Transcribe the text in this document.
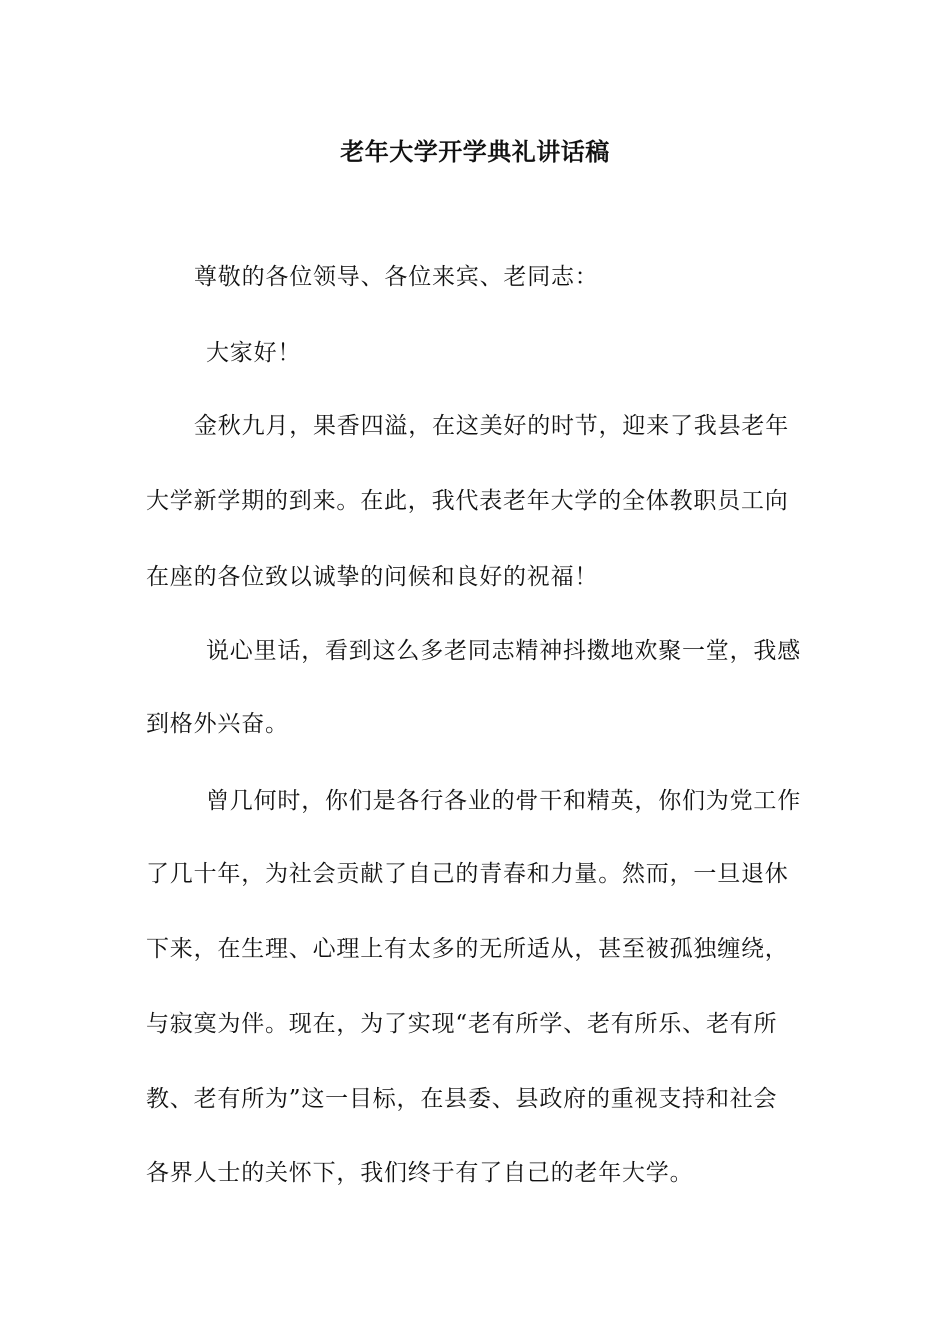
老年大学开学典礼讲话稿
尊敬的各位领导、各位来宾、老同志：
大家好！
金秋九月，果香四溢，在这美好的时节，迎来了我县老年
大学新学期的到来。在此，我代表老年大学的全体教职员工向
在座的各位致以诚挚的问候和良好的祝福！
说心里话，看到这么多老同志精神抖擞地欢聚一堂，我感
到格外兴奋。
曾几何时，你们是各行各业的骨干和精英，你们为党工作
了几十年，为社会贡献了自己的青春和力量。然而，一旦退休
下来，在生理、心理上有太多的无所适从，甚至被孤独缠绕，
与寂寞为伴。现在，为了实现“老有所学、老有所乐、老有所
教、老有所为”这一目标，在县委、县政府的重视支持和社会
各界人士的关怀下，我们终于有了自己的老年大学。
